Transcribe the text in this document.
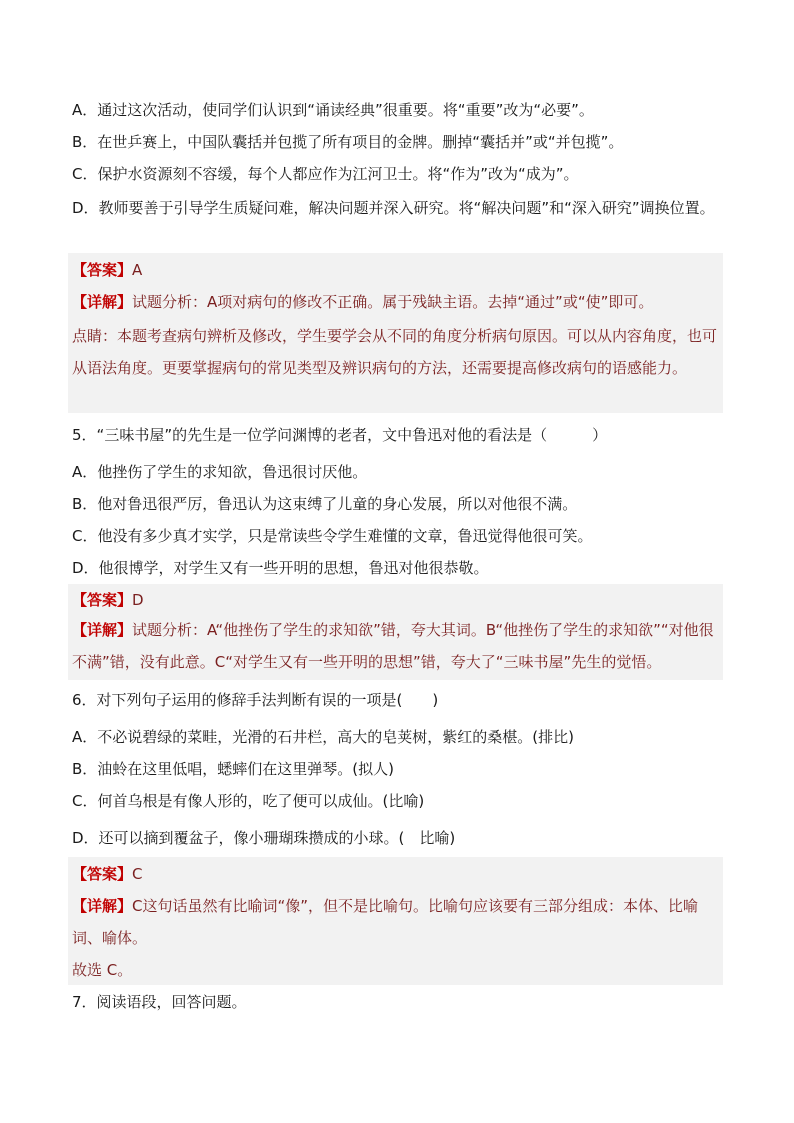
A．通过这次活动，使同学们认识到“诵读经典”很重要。将“重要”改为“必要”。
B．在世乒赛上，中国队囊括并包揽了所有项目的金牌。删掉“囊括并”或“并包揽”。
C．保护水资源刻不容缓，每个人都应作为江河卫士。将“作为”改为“成为”。
D．教师要善于引导学生质疑问难，解决问题并深入研究。将“解决问题”和“深入研究”调换位置。
【答案】A
【详解】试题分析：A项对病句的修改不正确。属于残缺主语。去掉“通过”或“使”即可。
点睛：本题考查病句辨析及修改，学生要学会从不同的角度分析病句原因。可以从内容角度，也可从语法角度。更要掌握病句的常见类型及辨识病句的方法，还需要提高修改病句的语感能力。
5．“三味书屋”的先生是一位学问渊博的老者，文中鲁迅对他的看法是（　　　）
A．他挫伤了学生的求知欲，鲁迅很讨厌他。
B．他对鲁迅很严厉，鲁迅认为这束缚了儿童的身心发展，所以对他很不满。
C．他没有多少真才实学，只是常读些令学生难懂的文章，鲁迅觉得他很可笑。
D．他很博学，对学生又有一些开明的思想，鲁迅对他很恭敬。
【答案】D
【详解】试题分析：A“他挫伤了学生的求知欲”错，夸大其词。B“他挫伤了学生的求知欲”“对他很不满”错，没有此意。C“对学生又有一些开明的思想”错，夸大了“三味书屋”先生的觉悟。
6．对下列句子运用的修辞手法判断有误的一项是(　　)
A．不必说碧绿的菜畦，光滑的石井栏，高大的皂荚树，紫红的桑椹。(排比)
B．油蛉在这里低唱，蟋蟀们在这里弹琴。(拟人)
C．何首乌根是有像人形的，吃了便可以成仙。(比喻)
D．还可以摘到覆盆子，像小珊瑚珠攒成的小球。(　比喻)
【答案】C
【详解】C这句话虽然有比喻词“像”，但不是比喻句。比喻句应该要有三部分组成：本体、比喻词、喻体。
故选 C。
7．阅读语段，回答问题。
